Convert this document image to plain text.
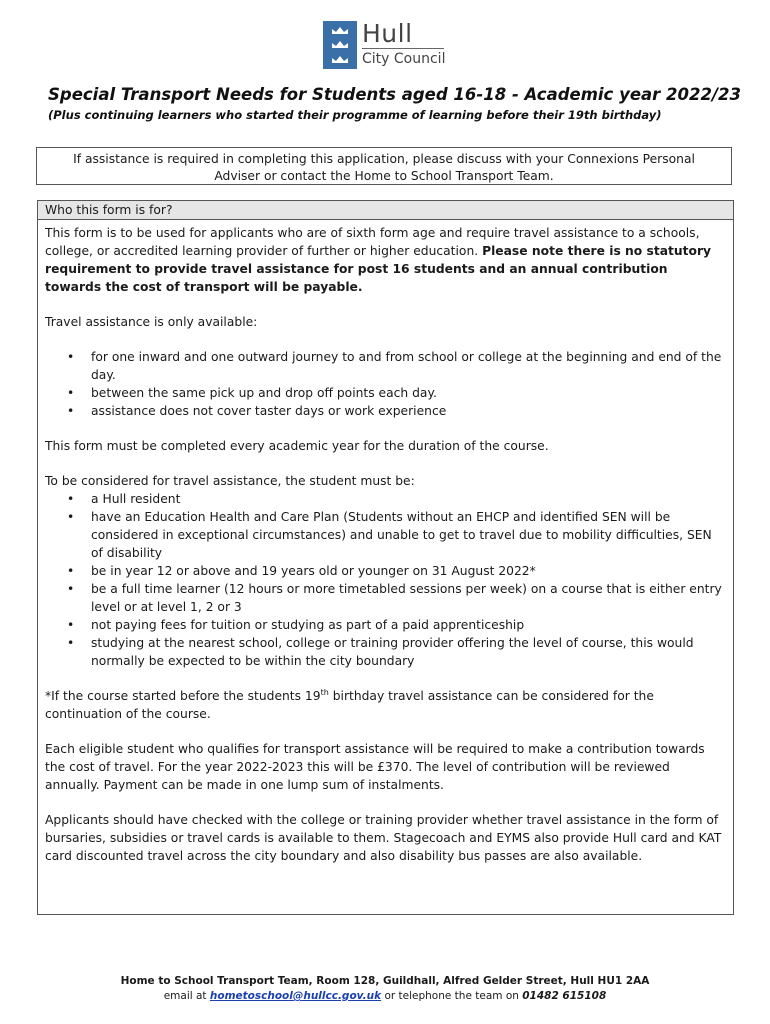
Hull
City Council
Special Transport Needs for Students aged 16-18 - Academic year 2022/23
(Plus continuing learners who started their programme of learning before their 19th birthday)
If assistance is required in completing this application, please discuss with your Connexions Personal
Adviser or contact the Home to School Transport Team.
Who this form is for?

This form is to be used for applicants who are of sixth form age and require travel assistance to a schools, college, or accredited learning provider of further or higher education. Please note there is no statutory requirement to provide travel assistance for post 16 students and an annual contribution towards the cost of transport will be payable.

Travel assistance is only available:

• for one inward and one outward journey to and from school or college at the beginning and end of the day.
• between the same pick up and drop off points each day.
• assistance does not cover taster days or work experience

This form must be completed every academic year for the duration of the course.

To be considered for travel assistance, the student must be:

• a Hull resident
• have an Education Health and Care Plan (Students without an EHCP and identified SEN will be considered in exceptional circumstances) and unable to get to travel due to mobility difficulties, SEN of disability
• be in year 12 or above and 19 years old or younger on 31 August 2022*
• be a full time learner (12 hours or more timetabled sessions per week) on a course that is either entry level or at level 1, 2 or 3
• not paying fees for tuition or studying as part of a paid apprenticeship
• studying at the nearest school, college or training provider offering the level of course, this would normally be expected to be within the city boundary

*If the course started before the students 19th birthday travel assistance can be considered for the continuation of the course.

Each eligible student who qualifies for transport assistance will be required to make a contribution towards the cost of travel. For the year 2022-2023 this will be £370. The level of contribution will be reviewed annually. Payment can be made in one lump sum of instalments.

Applicants should have checked with the college or training provider whether travel assistance in the form of bursaries, subsidies or travel cards is available to them. Stagecoach and EYMS also provide Hull card and KAT card discounted travel across the city boundary and also disability bus passes are also available.

Home to School Transport Team, Room 128, Guildhall, Alfred Gelder Street, Hull HU1 2AA
email at hometoschool@hullcc.gov.uk or telephone the team on 01482 615108
